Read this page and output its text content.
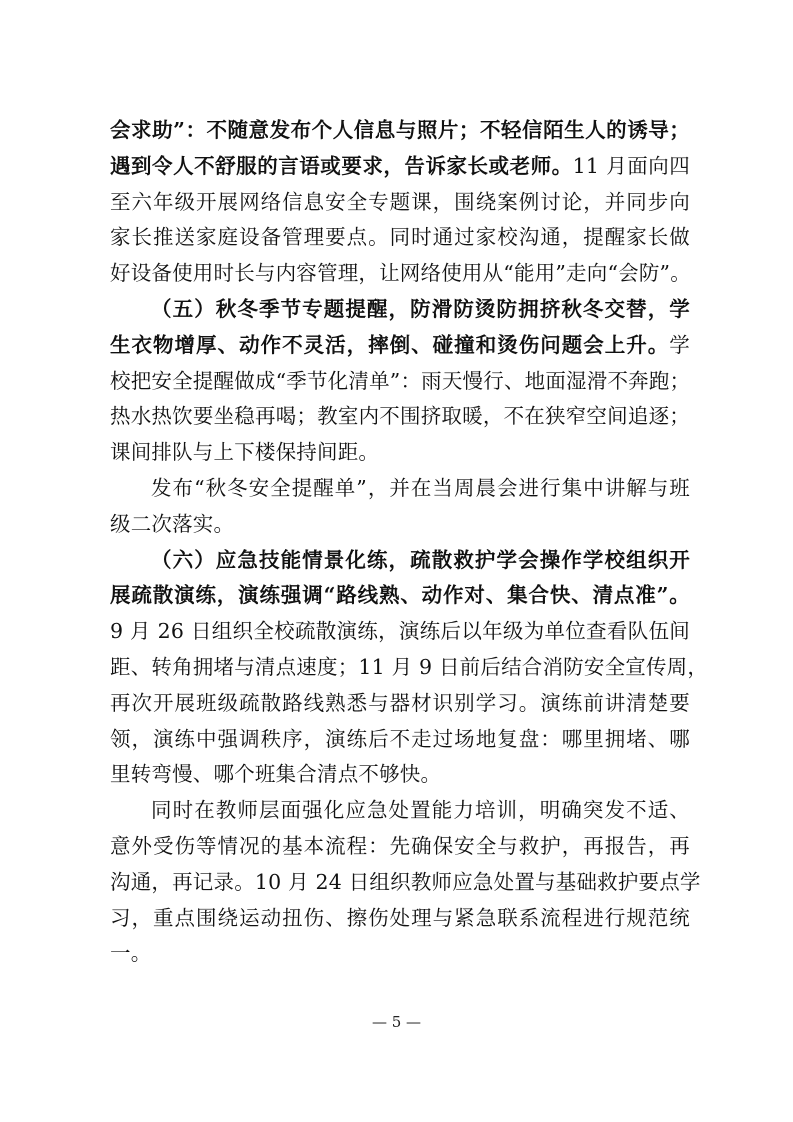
会求助”：不随意发布个人信息与照片；不轻信陌生人的诱导；
遇到令人不舒服的言语或要求，告诉家长或老师。11 月面向四
至六年级开展网络信息安全专题课，围绕案例讨论，并同步向
家长推送家庭设备管理要点。同时通过家校沟通，提醒家长做
好设备使用时长与内容管理，让网络使用从“能用”走向“会防”。
（五）秋冬季节专题提醒，防滑防烫防拥挤秋冬交替，学
生衣物增厚、动作不灵活，摔倒、碰撞和烫伤问题会上升。学
校把安全提醒做成“季节化清单”：雨天慢行、地面湿滑不奔跑；
热水热饮要坐稳再喝；教室内不围挤取暖，不在狭窄空间追逐；
课间排队与上下楼保持间距。
发布“秋冬安全提醒单”，并在当周晨会进行集中讲解与班
级二次落实。
（六）应急技能情景化练，疏散救护学会操作学校组织开
展疏散演练，演练强调“路线熟、动作对、集合快、清点准”。
9 月 26 日组织全校疏散演练，演练后以年级为单位查看队伍间
距、转角拥堵与清点速度；11 月 9 日前后结合消防安全宣传周，
再次开展班级疏散路线熟悉与器材识别学习。演练前讲清楚要
领，演练中强调秩序，演练后不走过场地复盘：哪里拥堵、哪
里转弯慢、哪个班集合清点不够快。
同时在教师层面强化应急处置能力培训，明确突发不适、
意外受伤等情况的基本流程：先确保安全与救护，再报告，再
沟通，再记录。10 月 24 日组织教师应急处置与基础救护要点学
习，重点围绕运动扭伤、擦伤处理与紧急联系流程进行规范统
一。
— 5 —
